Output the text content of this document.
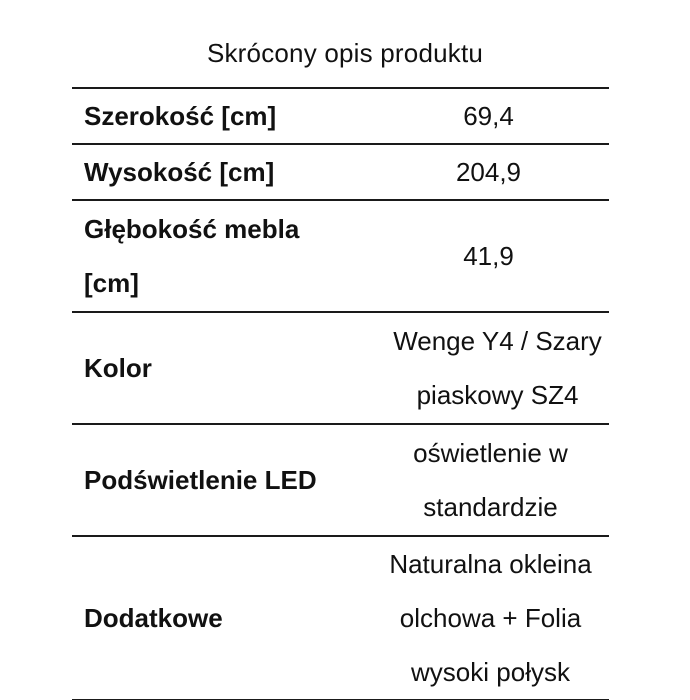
Skrócony opis produktu
Szerokość [cm]	69,4
Wysokość [cm]	204,9
Głębokość mebla [cm]
41,9
Kolor
Wenge Y4 / Szary piaskowy SZ4
Podświetlenie LED
oświetlenie w standardzie
Dodatkowe
Naturalna okleina olchowa + Folia wysoki połysk
